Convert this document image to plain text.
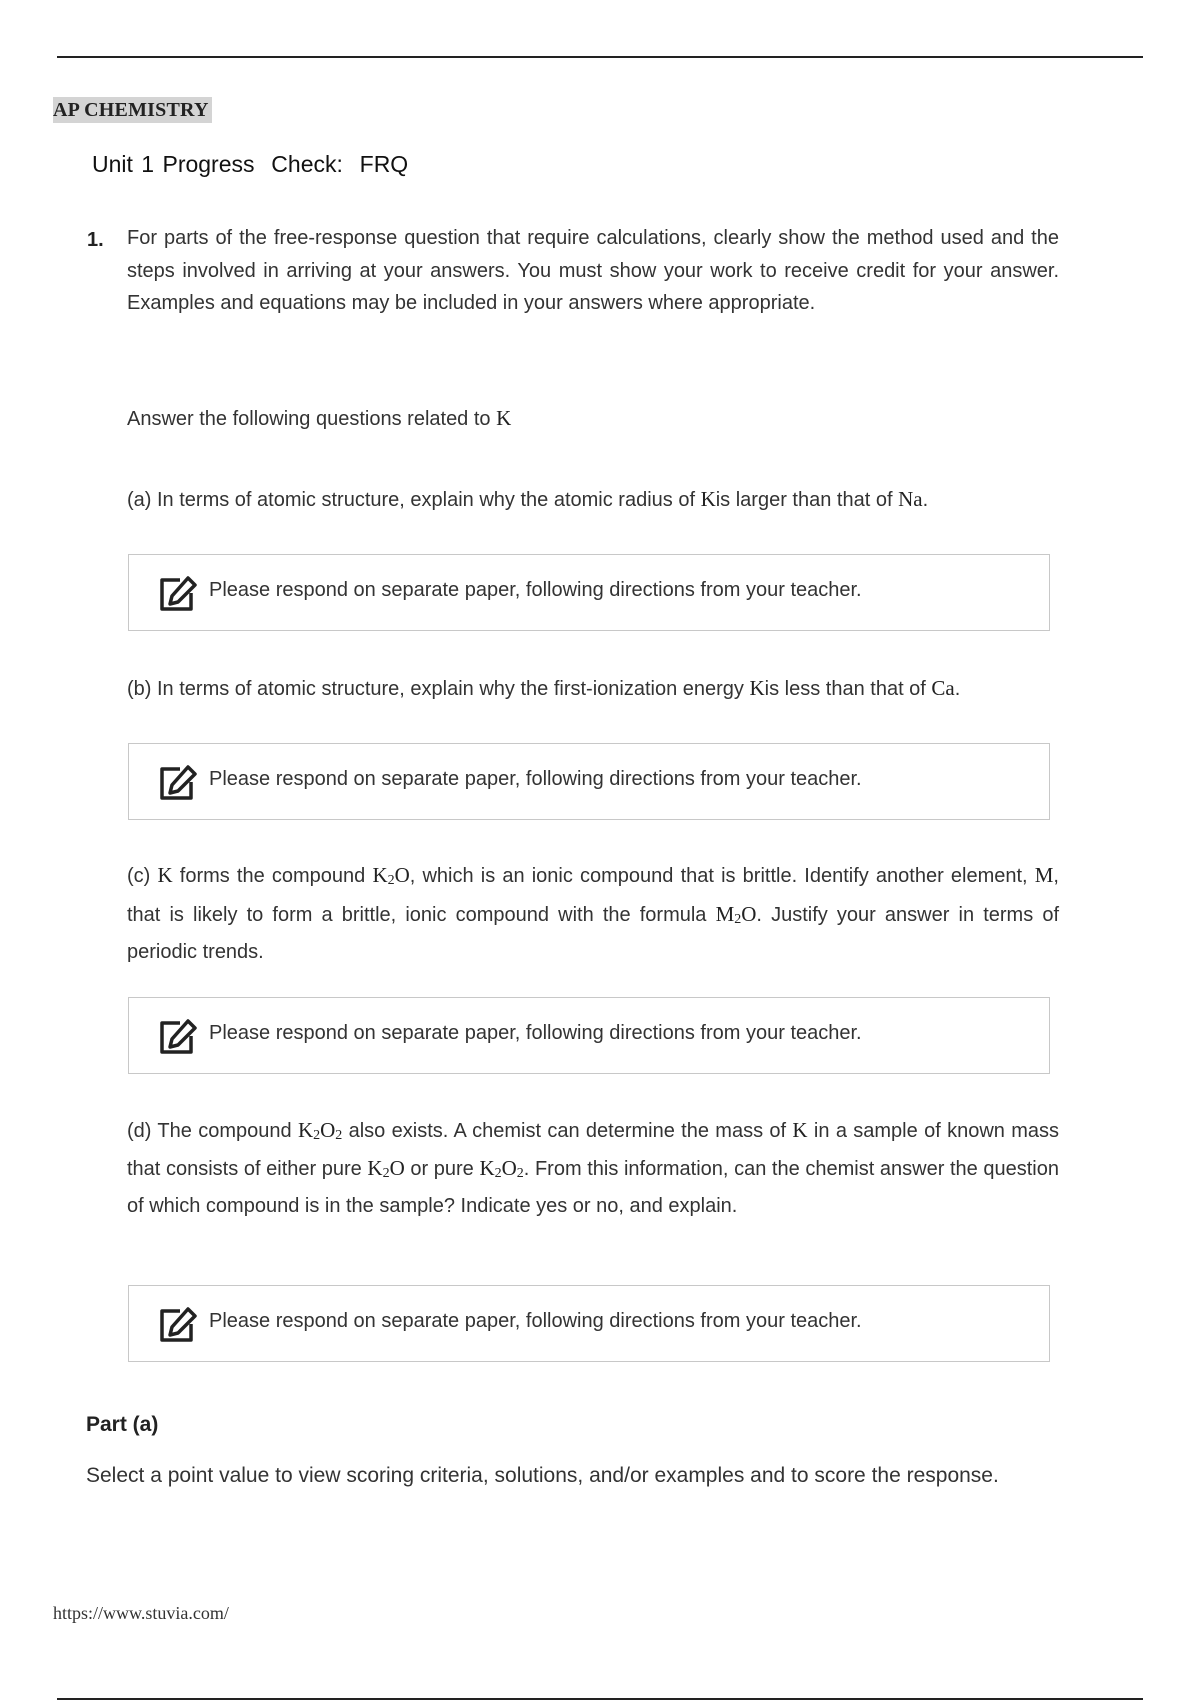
AP CHEMISTRY
Unit 1 Progress  Check:  FRQ
1. For parts of the free-response question that require calculations, clearly show the method used and the steps involved in arriving at your answers. You must show your work to receive credit for your answer. Examples and equations may be included in your answers where appropriate.
Answer the following questions related to K
(a) In terms of atomic structure, explain why the atomic radius of Kis larger than that of Na.
Please respond on separate paper, following directions from your teacher.
(b) In terms of atomic structure, explain why the first-ionization energy Kis less than that of Ca.
Please respond on separate paper, following directions from your teacher.
(c) K forms the compound $K_2O$, which is an ionic compound that is brittle. Identify another element, M, that is likely to form a brittle, ionic compound with the formula $M_2O$. Justify your answer in terms of periodic trends.
Please respond on separate paper, following directions from your teacher.
(d) The compound $K_2O_2$ also exists. A chemist can determine the mass of K in a sample of known mass that consists of either pure $K_2O$ or pure $K_2O_2$. From this information, can the chemist answer the question of which compound is in the sample? Indicate yes or no, and explain.
Please respond on separate paper, following directions from your teacher.
Part (a)
Select a point value to view scoring criteria, solutions, and/or examples and to score the response.
https://www.stuvia.com/
